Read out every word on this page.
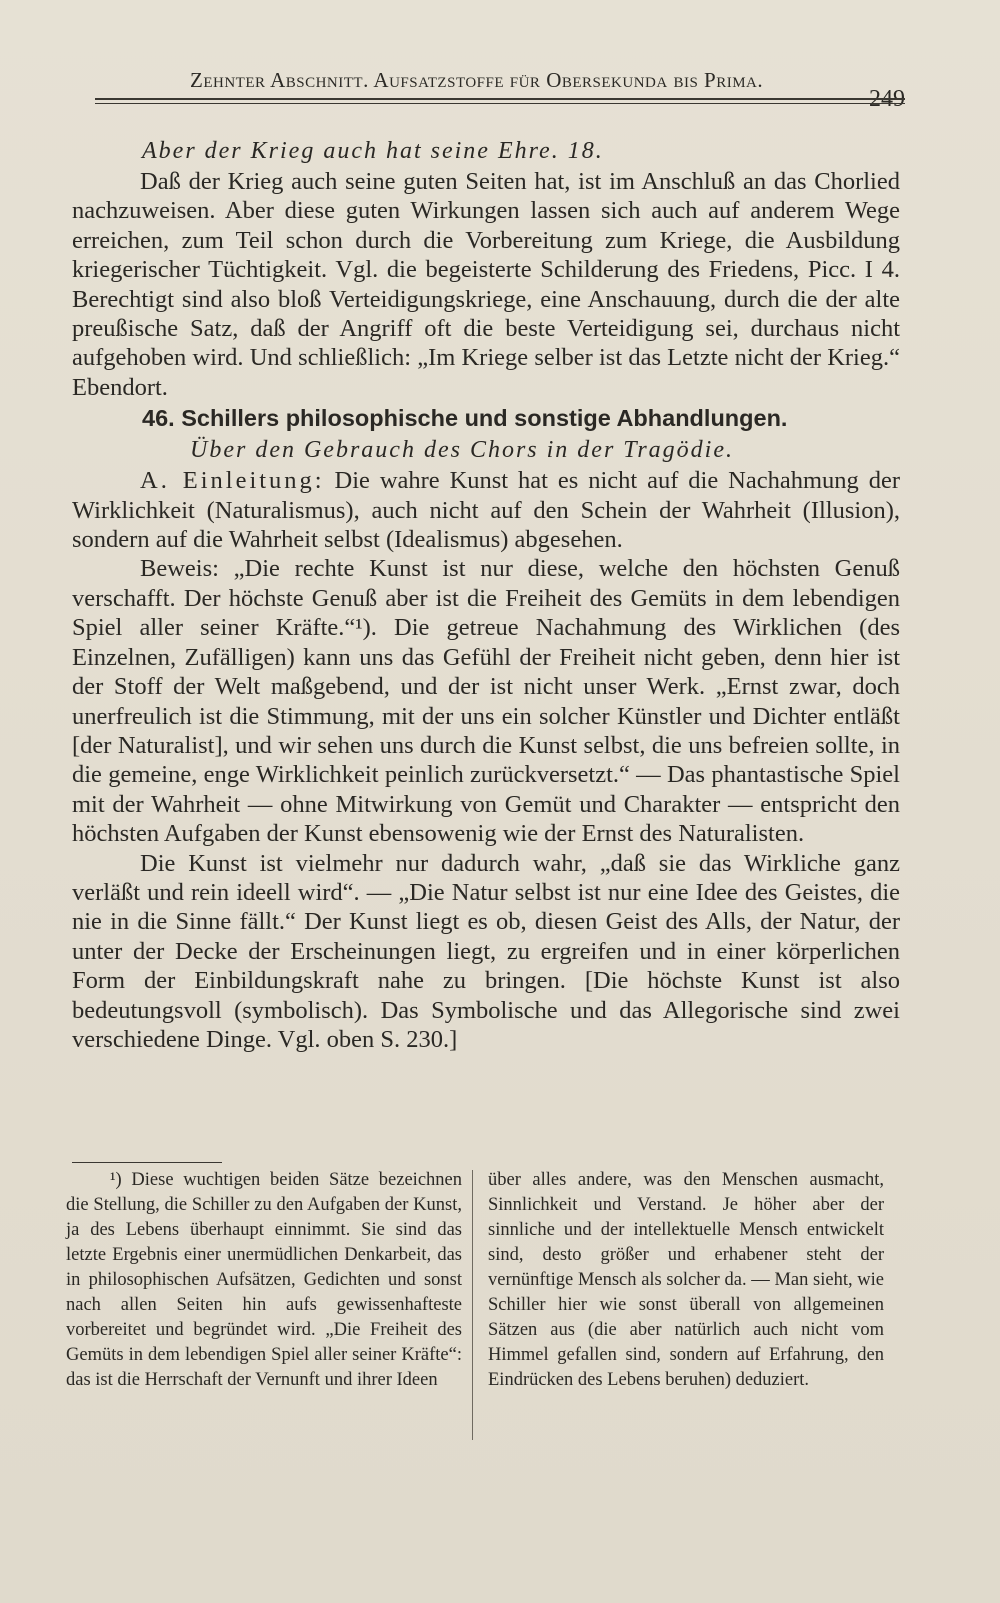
Zehnter Abschnitt. Aufsatzstoffe für Obersekunda bis Prima.
249

Aber der Krieg auch hat seine Ehre. 18.

Daß der Krieg auch seine guten Seiten hat, ist im Anschluß an das Chorlied nachzuweisen. Aber diese guten Wirkungen lassen sich auch auf anderem Wege erreichen, zum Teil schon durch die Vorbereitung zum Kriege, die Ausbildung kriegerischer Tüchtigkeit. Vgl. die begeisterte Schilderung des Friedens, Picc. I 4. Berechtigt sind also bloß Verteidigungskriege, eine Anschauung, durch die der alte preußische Satz, daß der Angriff oft die beste Verteidigung sei, durchaus nicht aufgehoben wird. Und schließlich: „Im Kriege selber ist das Letzte nicht der Krieg.“ Ebendort.

46. Schillers philosophische und sonstige Abhandlungen.

Über den Gebrauch des Chors in der Tragödie.

A. Einleitung: Die wahre Kunst hat es nicht auf die Nachahmung der Wirklichkeit (Naturalismus), auch nicht auf den Schein der Wahrheit (Illusion), sondern auf die Wahrheit selbst (Idealismus) abgesehen.

Beweis: „Die rechte Kunst ist nur diese, welche den höchsten Genuß verschafft. Der höchste Genuß aber ist die Freiheit des Gemüts in dem lebendigen Spiel aller seiner Kräfte.“¹). Die getreue Nachahmung des Wirklichen (des Einzelnen, Zufälligen) kann uns das Gefühl der Freiheit nicht geben, denn hier ist der Stoff der Welt maßgebend, und der ist nicht unser Werk. „Ernst zwar, doch unerfreulich ist die Stimmung, mit der uns ein solcher Künstler und Dichter entläßt [der Naturalist], und wir sehen uns durch die Kunst selbst, die uns befreien sollte, in die gemeine, enge Wirklichkeit peinlich zurückversetzt.“ — Das phantastische Spiel mit der Wahrheit — ohne Mitwirkung von Gemüt und Charakter — entspricht den höchsten Aufgaben der Kunst ebensowenig wie der Ernst des Naturalisten.

Die Kunst ist vielmehr nur dadurch wahr, „daß sie das Wirkliche ganz verläßt und rein ideell wird“. — „Die Natur selbst ist nur eine Idee des Geistes, die nie in die Sinne fällt.“ Der Kunst liegt es ob, diesen Geist des Alls, der Natur, der unter der Decke der Erscheinungen liegt, zu ergreifen und in einer körperlichen Form der Einbildungskraft nahe zu bringen. [Die höchste Kunst ist also bedeutungsvoll (symbolisch). Das Symbolische und das Allegorische sind zwei verschiedene Dinge. Vgl. oben S. 230.]

¹) Diese wuchtigen beiden Sätze bezeichnen die Stellung, die Schiller zu den Aufgaben der Kunst, ja des Lebens überhaupt einnimmt. Sie sind das letzte Ergebnis einer unermüdlichen Denkarbeit, das in philosophischen Aufsätzen, Gedichten und sonst nach allen Seiten hin aufs gewissenhafteste vorbereitet und begründet wird. „Die Freiheit des Gemüts in dem lebendigen Spiel aller seiner Kräfte“: das ist die Herrschaft der Vernunft und ihrer Ideen
über alles andere, was den Menschen ausmacht, Sinnlichkeit und Verstand. Je höher aber der sinnliche und der intellektuelle Mensch entwickelt sind, desto größer und erhabener steht der vernünftige Mensch als solcher da. — Man sieht, wie Schiller hier wie sonst überall von allgemeinen Sätzen aus (die aber natürlich auch nicht vom Himmel gefallen sind, sondern auf Erfahrung, den Eindrücken des Lebens beruhen) deduziert.
